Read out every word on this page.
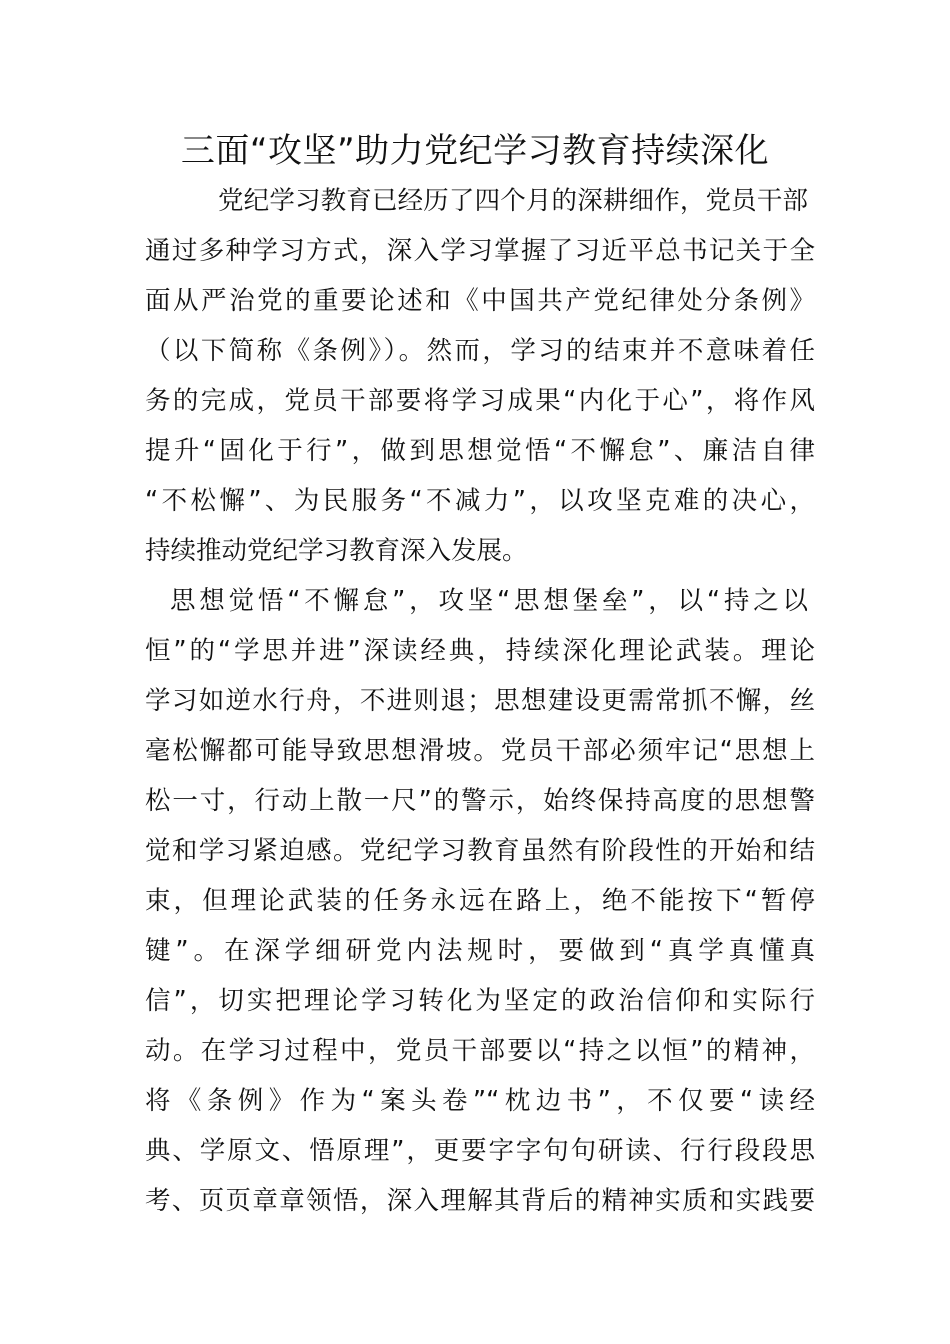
三面“攻坚”助力党纪学习教育持续深化

党纪学习教育已经历了四个月的深耕细作，党员干部

通过多种学习方式，深入学习掌握了习近平总书记关于全

面从严治党的重要论述和《中国共产党纪律处分条例》

（以下简称《条例》）。然而，学习的结束并不意味着任

务的完成，党员干部要将学习成果“内化于心”，将作风

提升“固化于行”，做到思想觉悟“不懈怠”、廉洁自律

“不松懈”、为民服务“不减力”，以攻坚克难的决心，

持续推动党纪学习教育深入发展。

思想觉悟“不懈怠”，攻坚“思想堡垒”，以“持之以

恒”的“学思并进”深读经典，持续深化理论武装。理论

学习如逆水行舟，不进则退；思想建设更需常抓不懈，丝

毫松懈都可能导致思想滑坡。党员干部必须牢记“思想上

松一寸，行动上散一尺”的警示，始终保持高度的思想警

觉和学习紧迫感。党纪学习教育虽然有阶段性的开始和结

束，但理论武装的任务永远在路上，绝不能按下“暂停

键”。在深学细研党内法规时，要做到“真学真懂真

信”，切实把理论学习转化为坚定的政治信仰和实际行

动。在学习过程中，党员干部要以“持之以恒”的精神，

将《条例》作为“案头卷”“枕边书”，不仅要“读经

典、学原文、悟原理”，更要字字句句研读、行行段段思

考、页页章章领悟，深入理解其背后的精神实质和实践要
